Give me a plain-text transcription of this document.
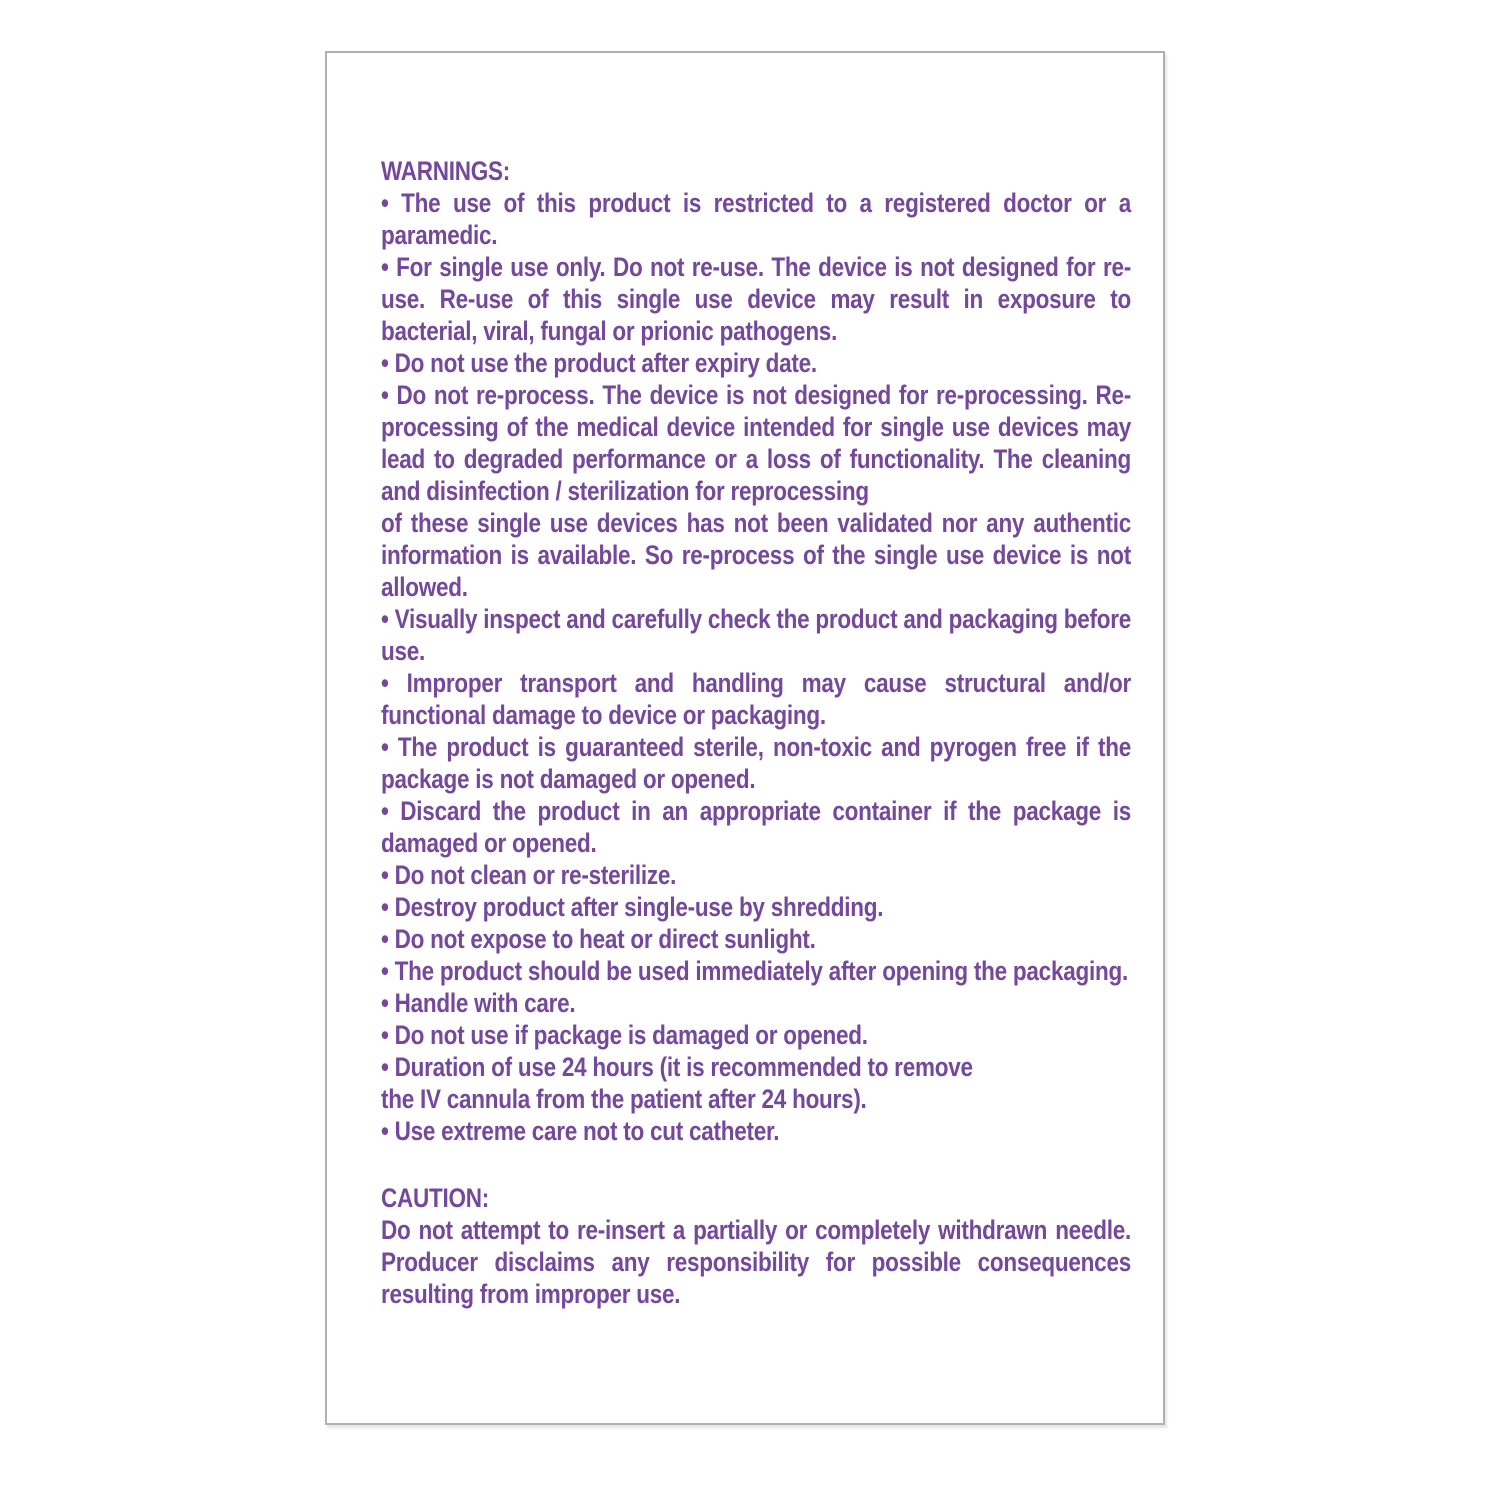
WARNINGS:

• The use of this product is restricted to a registered doctor or a paramedic.

• For single use only. Do not re-use. The device is not designed for re-use. Re-use of this single use device may result in exposure to bacterial, viral, fungal or prionic pathogens.

• Do not use the product after expiry date.

• Do not re-process. The device is not designed for re-processing. Re-processing of the medical device intended for single use devices may lead to degraded performance or a loss of functionality. The cleaning and disinfection / sterilization for reprocessing

of these single use devices has not been validated nor any authentic information is available. So re-process of the single use device is not allowed.

• Visually inspect and carefully check the product and packaging before use.

• Improper transport and handling may cause structural and/or functional damage to device or packaging.

• The product is guaranteed sterile, non-toxic and pyrogen free if the package is not damaged or opened.

• Discard the product in an appropriate container if the package is damaged or opened.

• Do not clean or re-sterilize.

• Destroy product after single-use by shredding.

• Do not expose to heat or direct sunlight.

• The product should be used immediately after opening the packaging.

• Handle with care.

• Do not use if package is damaged or opened.

• Duration of use 24 hours (it is recommended to remove

the IV cannula from the patient after 24 hours).

• Use extreme care not to cut catheter.

CAUTION:

Do not attempt to re-insert a partially or completely withdrawn needle. Producer disclaims any responsibility for possible consequences resulting from improper use.
